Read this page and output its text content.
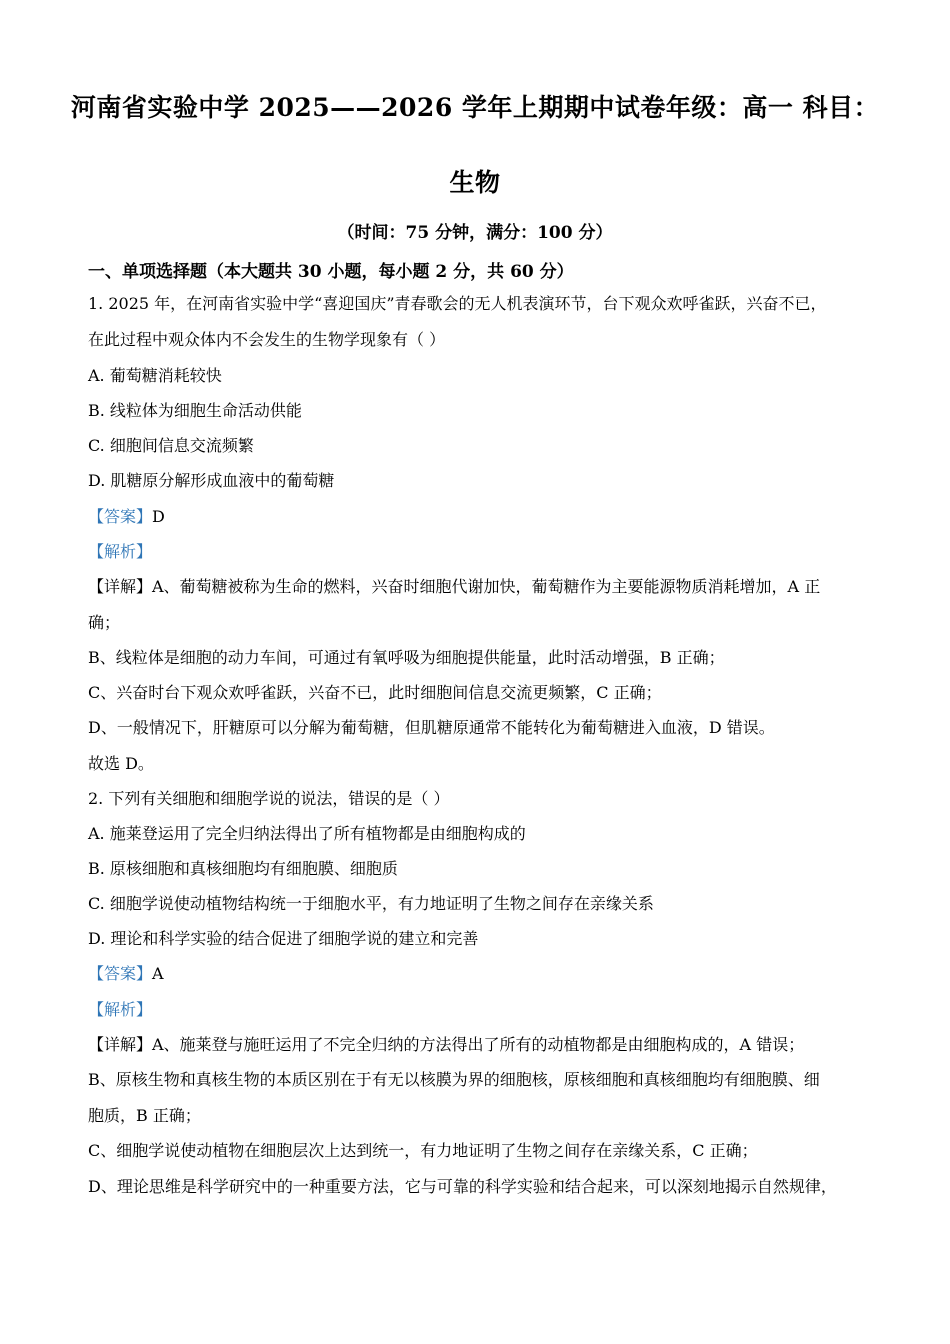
河南省实验中学 2025——2026 学年上期期中试卷年级：高一 科目：
生物
（时间：75 分钟，满分：100 分）
一、单项选择题（本大题共 30 小题，每小题 2 分，共 60 分）
1. 2025 年，在河南省实验中学“喜迎国庆”青春歌会的无人机表演环节，台下观众欢呼雀跃，兴奋不已，
在此过程中观众体内不会发生的生物学现象有（ ）
A. 葡萄糖消耗较快
B. 线粒体为细胞生命活动供能
C. 细胞间信息交流频繁
D. 肌糖原分解形成血液中的葡萄糖
【答案】D
【解析】
【详解】A、葡萄糖被称为生命的燃料，兴奋时细胞代谢加快，葡萄糖作为主要能源物质消耗增加，A 正
确；
B、线粒体是细胞的动力车间，可通过有氧呼吸为细胞提供能量，此时活动增强，B 正确；
C、兴奋时台下观众欢呼雀跃，兴奋不已，此时细胞间信息交流更频繁，C 正确；
D、一般情况下，肝糖原可以分解为葡萄糖，但肌糖原通常不能转化为葡萄糖进入血液，D 错误。
故选 D。
2. 下列有关细胞和细胞学说的说法，错误的是（ ）
A. 施莱登运用了完全归纳法得出了所有植物都是由细胞构成的
B. 原核细胞和真核细胞均有细胞膜、细胞质
C. 细胞学说使动植物结构统一于细胞水平，有力地证明了生物之间存在亲缘关系
D. 理论和科学实验的结合促进了细胞学说的建立和完善
【答案】A
【解析】
【详解】A、施莱登与施旺运用了不完全归纳的方法得出了所有的动植物都是由细胞构成的，A 错误；
B、原核生物和真核生物的本质区别在于有无以核膜为界的细胞核，原核细胞和真核细胞均有细胞膜、细
胞质，B 正确；
C、细胞学说使动植物在细胞层次上达到统一，有力地证明了生物之间存在亲缘关系，C 正确；
D、理论思维是科学研究中的一种重要方法，它与可靠的科学实验和结合起来，可以深刻地揭示自然规律，
